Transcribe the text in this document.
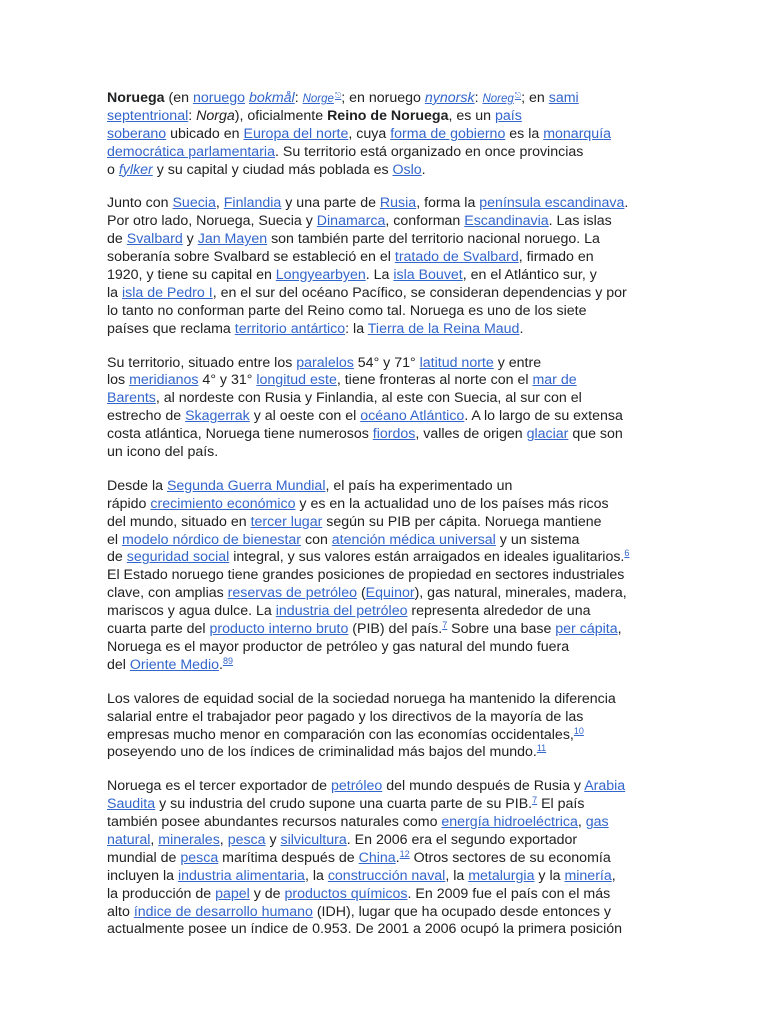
Noruega (en noruego bokmål: Norge⎋; en noruego nynorsk: Noreg⎋; en sami
septentrional: Norga), oficialmente Reino de Noruega, es un país
soberano ubicado en Europa del norte, cuya forma de gobierno es la monarquía
democrática parlamentaria. Su territorio está organizado en once provincias
o fylker y su capital y ciudad más poblada es Oslo.
Junto con Suecia, Finlandia y una parte de Rusia, forma la península escandinava.
Por otro lado, Noruega, Suecia y Dinamarca, conforman Escandinavia. Las islas
de Svalbard y Jan Mayen son también parte del territorio nacional noruego. La
soberanía sobre Svalbard se estableció en el tratado de Svalbard, firmado en
1920, y tiene su capital en Longyearbyen. La isla Bouvet, en el Atlántico sur, y
la isla de Pedro I, en el sur del océano Pacífico, se consideran dependencias y por
lo tanto no conforman parte del Reino como tal. Noruega es uno de los siete
países que reclama territorio antártico: la Tierra de la Reina Maud.
Su territorio, situado entre los paralelos 54° y 71° latitud norte y entre
los meridianos 4° y 31° longitud este, tiene fronteras al norte con el mar de
Barents, al nordeste con Rusia y Finlandia, al este con Suecia, al sur con el
estrecho de Skagerrak y al oeste con el océano Atlántico. A lo largo de su extensa
costa atlántica, Noruega tiene numerosos fiordos, valles de origen glaciar que son
un icono del país.
Desde la Segunda Guerra Mundial, el país ha experimentado un
rápido crecimiento económico y es en la actualidad uno de los países más ricos
del mundo, situado en tercer lugar según su PIB per cápita. Noruega mantiene
el modelo nórdico de bienestar con atención médica universal y un sistema
de seguridad social integral, y sus valores están arraigados en ideales igualitarios.$^6$
El Estado noruego tiene grandes posiciones de propiedad en sectores industriales
clave, con amplias reservas de petróleo (Equinor), gas natural, minerales, madera,
mariscos y agua dulce. La industria del petróleo representa alrededor de una
cuarta parte del producto interno bruto (PIB) del país.$^7$ Sobre una base per cápita,
Noruega es el mayor productor de petróleo y gas natural del mundo fuera
del Oriente Medio.$^{89}$
Los valores de equidad social de la sociedad noruega ha mantenido la diferencia
salarial entre el trabajador peor pagado y los directivos de la mayoría de las
empresas mucho menor en comparación con las economías occidentales,$^{10}$
poseyendo uno de los índices de criminalidad más bajos del mundo.$^{11}$
Noruega es el tercer exportador de petróleo del mundo después de Rusia y Arabia
Saudita y su industria del crudo supone una cuarta parte de su PIB.$^7$ El país
también posee abundantes recursos naturales como energía hidroeléctrica, gas
natural, minerales, pesca y silvicultura. En 2006 era el segundo exportador
mundial de pesca marítima después de China.$^{12}$ Otros sectores de su economía
incluyen la industria alimentaria, la construcción naval, la metalurgia y la minería,
la producción de papel y de productos químicos. En 2009 fue el país con el más
alto índice de desarrollo humano (IDH), lugar que ha ocupado desde entonces y
actualmente posee un índice de 0.953. De 2001 a 2006 ocupó la primera posición
